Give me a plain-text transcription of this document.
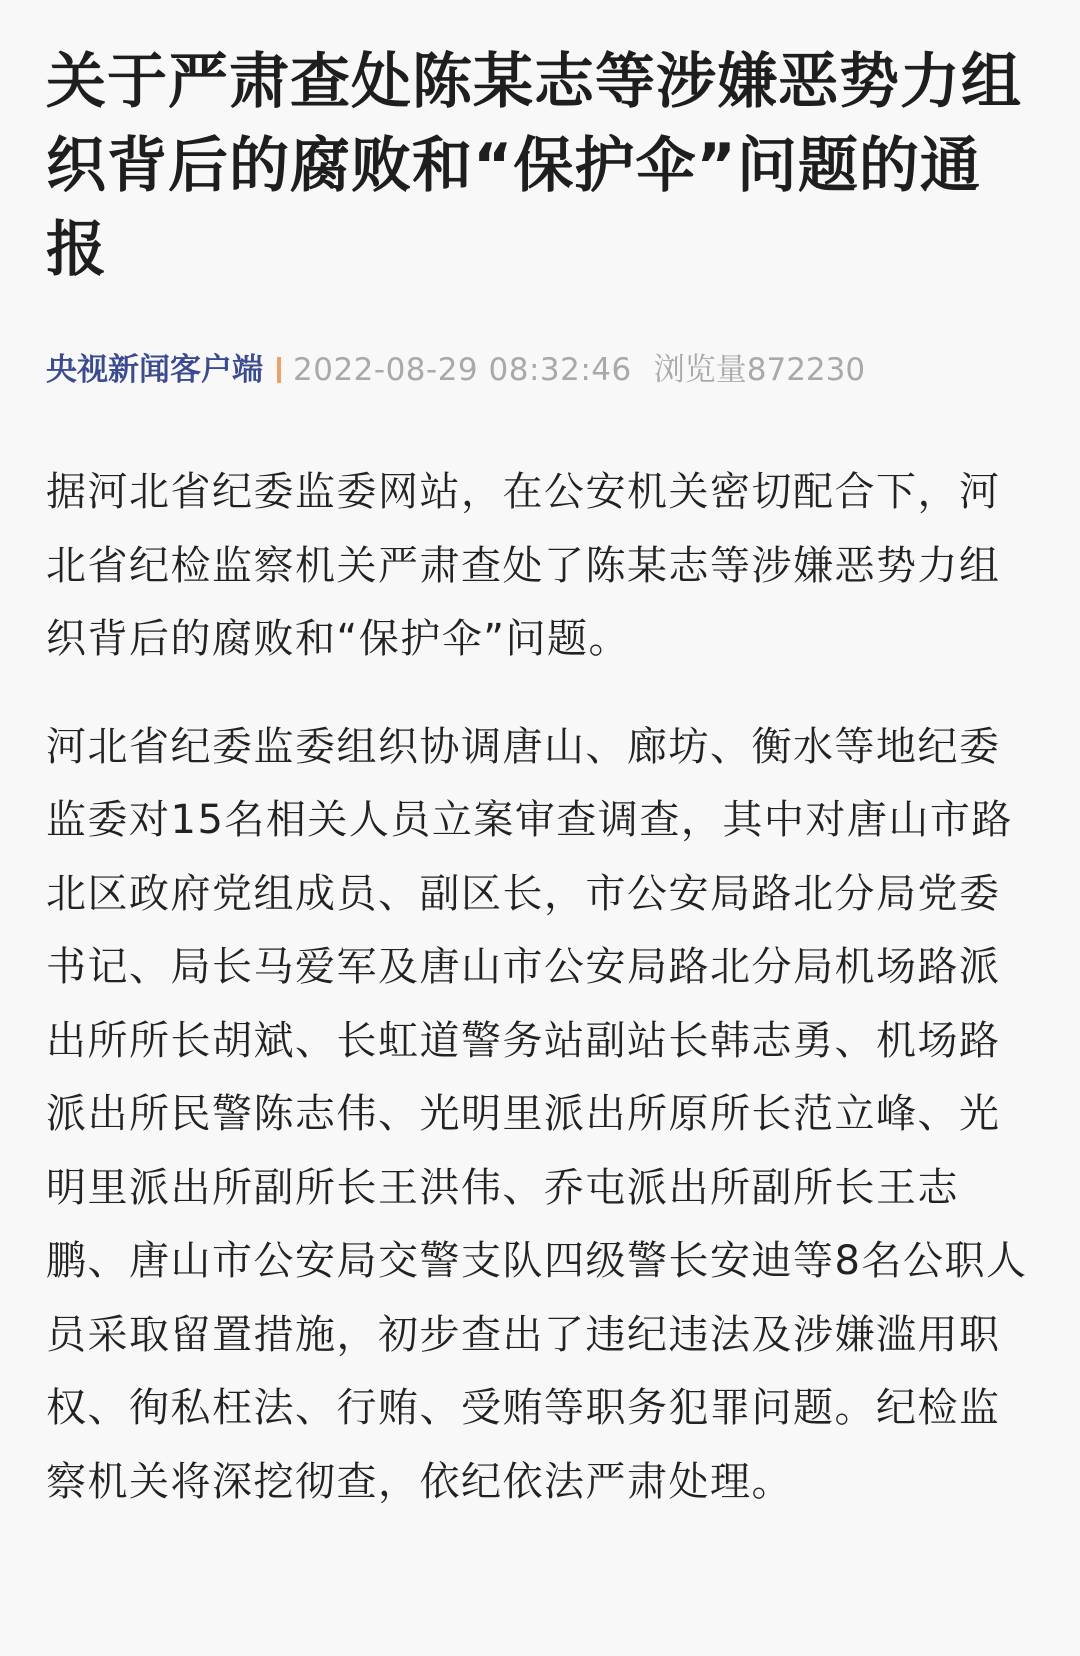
关于严肃查处陈某志等涉嫌恶势力组织背后的腐败和“保护伞”问题的通报
央视新闻客户端 2022-08-29 08:32:46 浏览量872230

据河北省纪委监委网站，在公安机关密切配合下，河北省纪检监察机关严肃查处了陈某志等涉嫌恶势力组织背后的腐败和“保护伞”问题。

河北省纪委监委组织协调唐山、廊坊、衡水等地纪委监委对15名相关人员立案审查调查，其中对唐山市路北区政府党组成员、副区长，市公安局路北分局党委书记、局长马爱军及唐山市公安局路北分局机场路派出所所长胡斌、长虹道警务站副站长韩志勇、机场路派出所民警陈志伟、光明里派出所原所长范立峰、光明里派出所副所长王洪伟、乔屯派出所副所长王志鹏、唐山市公安局交警支队四级警长安迪等8名公职人员采取留置措施，初步查出了违纪违法及涉嫌滥用职权、徇私枉法、行贿、受贿等职务犯罪问题。纪检监察机关将深挖彻查，依纪依法严肃处理。
